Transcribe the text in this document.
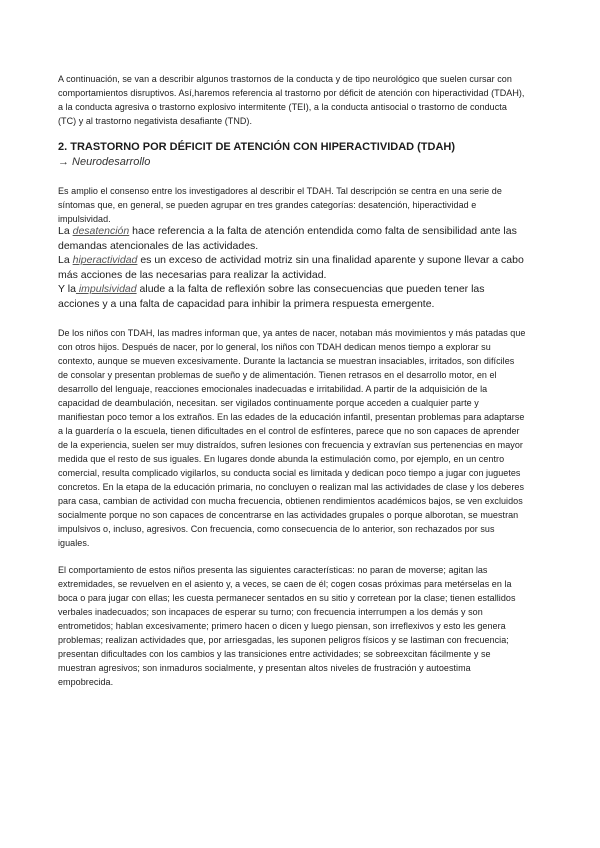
A continuación, se van a describir algunos trastornos de la conducta y de tipo neurológico que suelen cursar con comportamientos disruptivos. Así,haremos referencia al trastorno por déficit de atención con hiperactividad (TDAH), a la conducta agresiva o trastorno explosivo intermitente (TEI), a la conducta antisocial o trastorno de conducta (TC) y al trastorno negativista desafiante (TND).

2. TRASTORNO POR DÉFICIT DE ATENCIÓN CON HIPERACTIVIDAD (TDAH)
→ Neurodesarrollo

Es amplio el consenso entre los investigadores al describir el TDAH. Tal descripción se centra en una serie de síntomas que, en general, se pueden agrupar en tres grandes categorías: desatención, hiperactividad e impulsividad.

La desatención hace referencia a la falta de atención entendida como falta de sensibilidad ante las demandas atencionales de las actividades.
La hiperactividad es un exceso de actividad motriz sin una finalidad aparente y supone llevar a cabo más acciones de las necesarias para realizar la actividad.
Y la impulsividad alude a la falta de reflexión sobre las consecuencias que pueden tener las acciones y a una falta de capacidad para inhibir la primera respuesta emergente.

De los niños con TDAH, las madres informan que, ya antes de nacer, notaban más movimientos y más patadas que con otros hijos. Después de nacer, por lo general, los niños con TDAH dedican menos tiempo a explorar su contexto, aunque se mueven excesivamente. Durante la lactancia se muestran insaciables, irritados, son difíciles de consolar y presentan problemas de sueño y de alimentación. Tienen retrasos en el desarrollo motor, en el desarrollo del lenguaje, reacciones emocionales inadecuadas e irritabilidad. A partir de la adquisición de la capacidad de deambulación, necesitan. ser vigilados continuamente porque acceden a cualquier parte y manifiestan poco temor a los extraños. En las edades de la educación infantil, presentan problemas para adaptarse a la guardería o la escuela, tienen dificultades en el control de esfínteres, parece que no son capaces de aprender de la experiencia, suelen ser muy distraídos, sufren lesiones con frecuencia y extravían sus pertenencias en mayor medida que el resto de sus iguales. En lugares donde abunda la estimulación como, por ejemplo, en un centro comercial, resulta complicado vigilarlos, su conducta social es limitada y dedican poco tiempo a jugar con juguetes concretos. En la etapa de la educación primaria, no concluyen o realizan mal las actividades de clase y los deberes para casa, cambian de actividad con mucha frecuencia, obtienen rendimientos académicos bajos, se ven excluidos socialmente porque no son capaces de concentrarse en las actividades grupales o porque alborotan, se muestran impulsivos o, incluso, agresivos. Con frecuencia, como consecuencia de lo anterior, son rechazados por sus iguales.

El comportamiento de estos niños presenta las siguientes características: no paran de moverse; agitan las extremidades, se revuelven en el asiento y, a veces, se caen de él; cogen cosas próximas para metérselas en la boca o para jugar con ellas; les cuesta permanecer sentados en su sitio y corretean por la clase; tienen estallidos verbales inadecuados; son incapaces de esperar su turno; con frecuencia interrumpen a los demás y son entrometidos; hablan excesivamente; primero hacen o dicen y luego piensan, son irreflexivos y esto les genera problemas; realizan actividades que, por arriesgadas, les suponen peligros físicos y se lastiman con frecuencia; presentan dificultades con los cambios y las transiciones entre actividades; se sobreexcitan fácilmente y se muestran agresivos; son inmaduros socialmente, y presentan altos niveles de frustración y autoestima empobrecida.
